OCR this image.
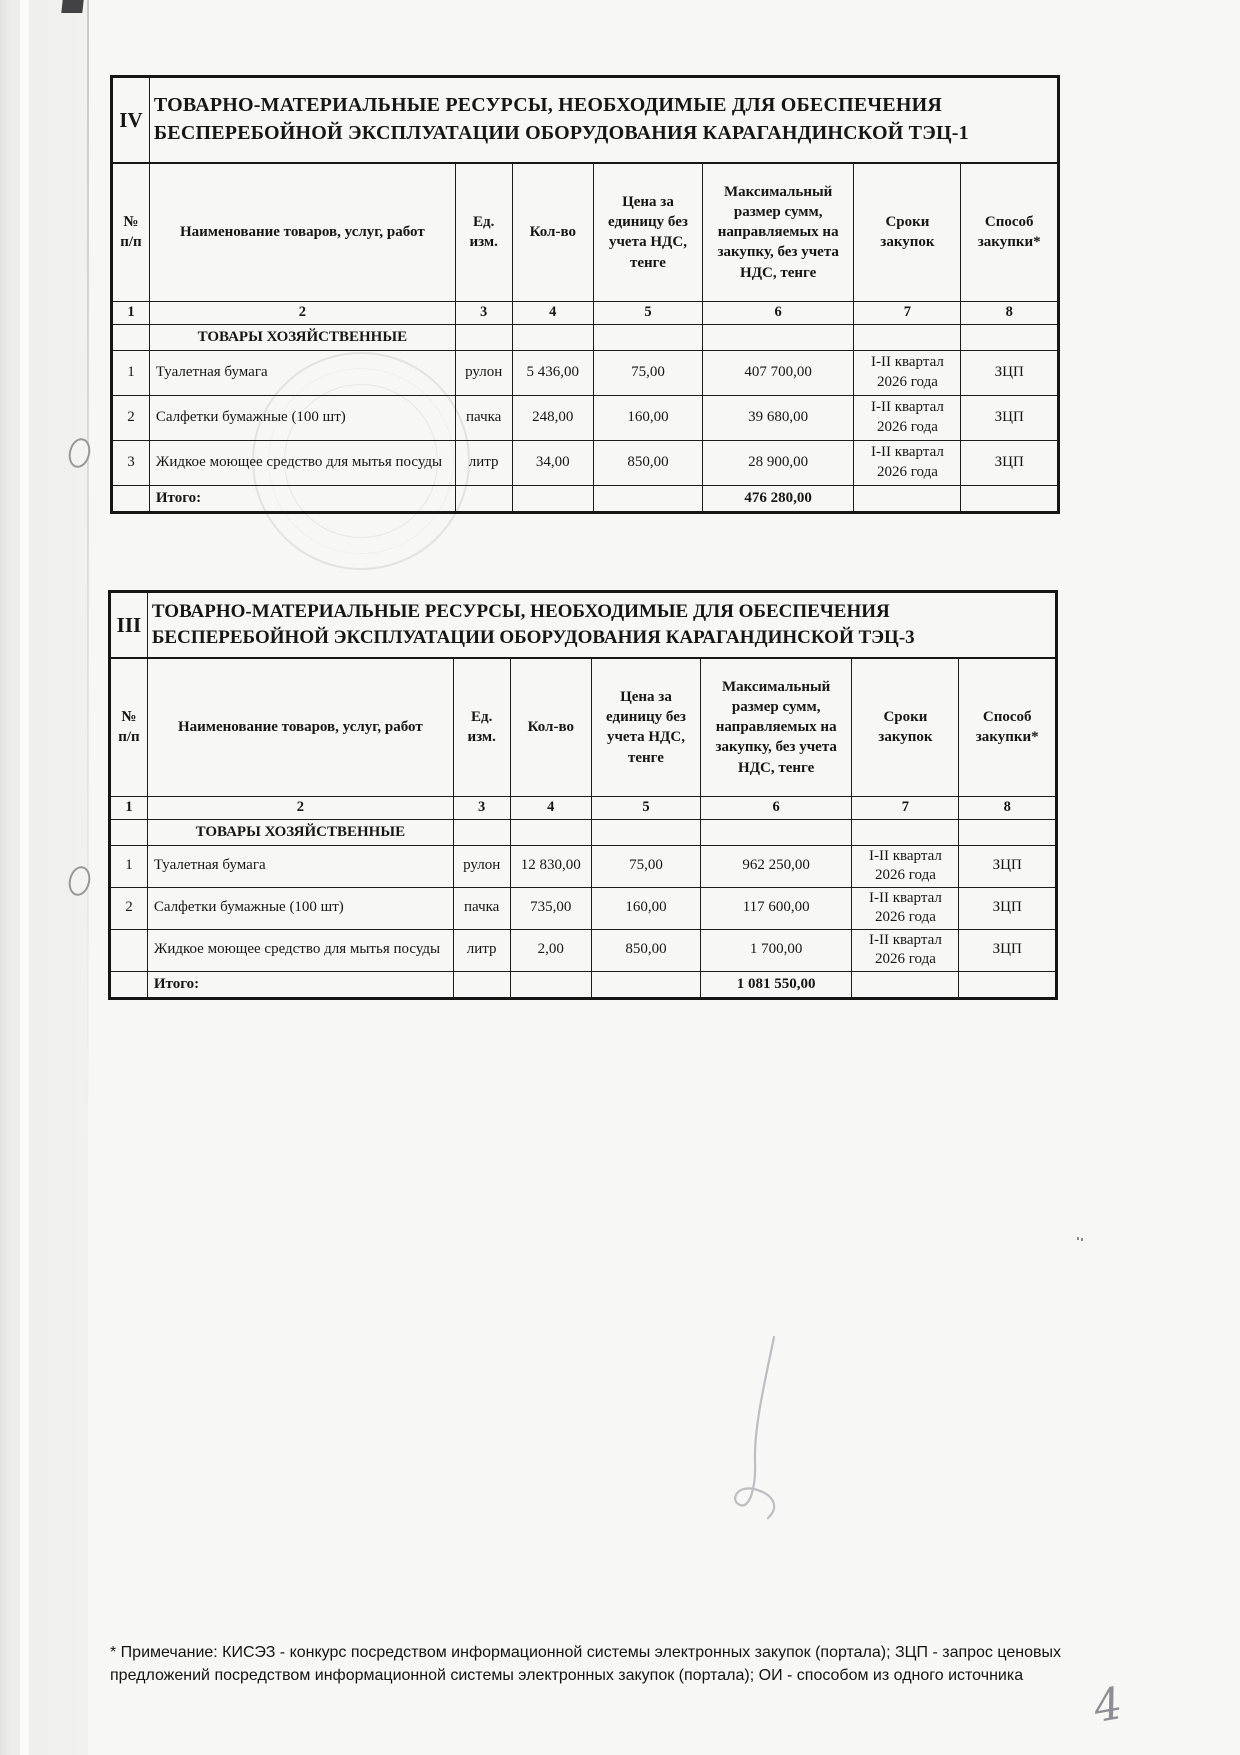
IV	ТОВАРНО-МАТЕРИАЛЬНЫЕ РЕСУРСЫ, НЕОБХОДИМЫЕ ДЛЯ ОБЕСПЕЧЕНИЯ БЕСПЕРЕБОЙНОЙ ЭКСПЛУАТАЦИИ ОБОРУДОВАНИЯ КАРАГАНДИНСКОЙ ТЭЦ-1						
№ п/п	Наименование товаров, услуг, работ	Ед. изм.	Кол-во	Цена за единицу без учета НДС, тенге	Максимальный размер сумм, направляемых на закупку, без учета НДС, тенге	Сроки закупок	Способ закупки*
1	2	3	4	5	6	7	8
	ТОВАРЫ ХОЗЯЙСТВЕННЫЕ						
1	Туалетная бумага	рулон	5 436,00	75,00	407 700,00	I-II квартал 2026 года	ЗЦП
2	Салфетки бумажные (100 шт)	пачка	248,00	160,00	39 680,00	I-II квартал 2026 года	ЗЦП
3	Жидкое моющее средство для мытья посуды	литр	34,00	850,00	28 900,00	I-II квартал 2026 года	ЗЦП
	Итого:				476 280,00		
III	ТОВАРНО-МАТЕРИАЛЬНЫЕ РЕСУРСЫ, НЕОБХОДИМЫЕ ДЛЯ ОБЕСПЕЧЕНИЯ БЕСПЕРЕБОЙНОЙ ЭКСПЛУАТАЦИИ ОБОРУДОВАНИЯ КАРАГАНДИНСКОЙ ТЭЦ-3						
№ п/п	Наименование товаров, услуг, работ	Ед. изм.	Кол-во	Цена за единицу без учета НДС, тенге	Максимальный размер сумм, направляемых на закупку, без учета НДС, тенге	Сроки закупок	Способ закупки*
1	2	3	4	5	6	7	8
	ТОВАРЫ ХОЗЯЙСТВЕННЫЕ						
1	Туалетная бумага	рулон	12 830,00	75,00	962 250,00	I-II квартал 2026 года	ЗЦП
2	Салфетки бумажные (100 шт)	пачка	735,00	160,00	117 600,00	I-II квартал 2026 года	ЗЦП
	Жидкое моющее средство для мытья посуды	литр	2,00	850,00	1 700,00	I-II квартал 2026 года	ЗЦП
	Итого:				1 081 550,00		
4
* Примечание: КИСЭЗ - конкурс посредством информационной системы электронных закупок (портала); ЗЦП - запрос ценовых предложений посредством информационной системы электронных закупок (портала); ОИ - способом из одного источника
